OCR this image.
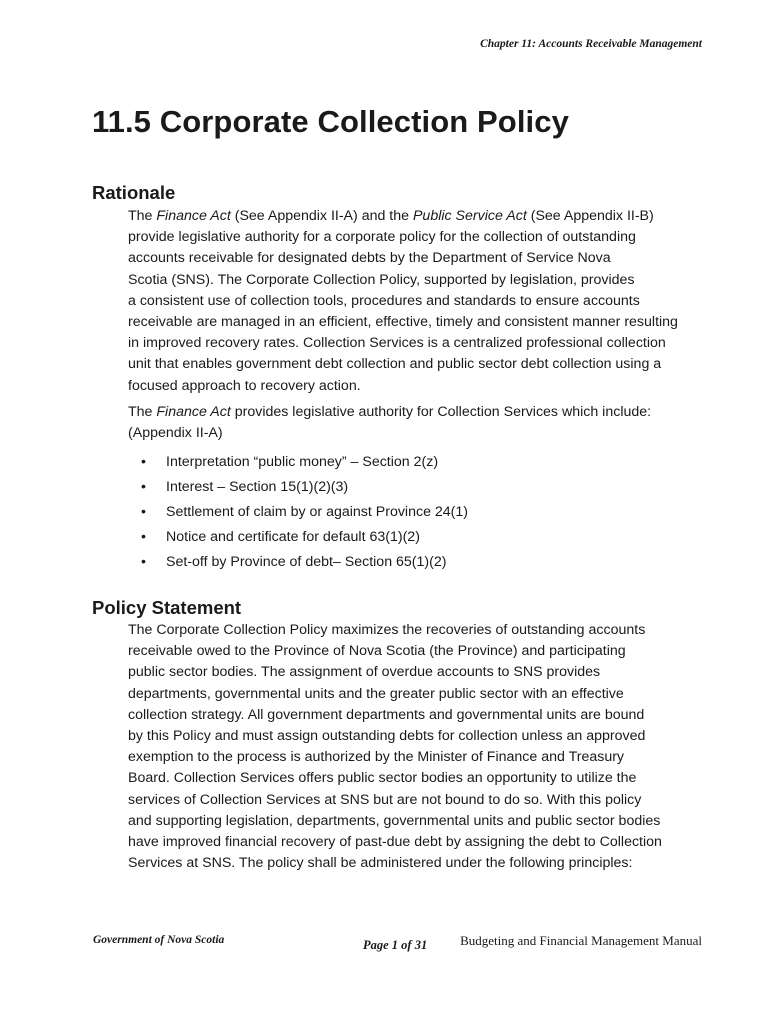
Chapter 11: Accounts Receivable Management
11.5 Corporate Collection Policy
Rationale

The Finance Act (See Appendix II-A) and the Public Service Act (See Appendix II-B)
provide legislative authority for a corporate policy for the collection of outstanding
accounts receivable for designated debts by the Department of Service Nova
Scotia (SNS). The Corporate Collection Policy, supported by legislation, provides
a consistent use of collection tools, procedures and standards to ensure accounts
receivable are managed in an efficient, effective, timely and consistent manner resulting
in improved recovery rates. Collection Services is a centralized professional collection
unit that enables government debt collection and public sector debt collection using a
focused approach to recovery action.

The Finance Act provides legislative authority for Collection Services which include:
(Appendix II-A)

• Interpretation “public money” – Section 2(z)
• Interest – Section 15(1)(2)(3)
• Settlement of claim by or against Province 24(1)
• Notice and certificate for default 63(1)(2)
• Set-off by Province of debt– Section 65(1)(2)
Policy Statement

The Corporate Collection Policy maximizes the recoveries of outstanding accounts
receivable owed to the Province of Nova Scotia (the Province) and participating
public sector bodies. The assignment of overdue accounts to SNS provides
departments, governmental units and the greater public sector with an effective
collection strategy. All government departments and governmental units are bound
by this Policy and must assign outstanding debts for collection unless an approved
exemption to the process is authorized by the Minister of Finance and Treasury
Board. Collection Services offers public sector bodies an opportunity to utilize the
services of Collection Services at SNS but are not bound to do so. With this policy
and supporting legislation, departments, governmental units and public sector bodies
have improved financial recovery of past-due debt by assigning the debt to Collection
Services at SNS. The policy shall be administered under the following principles:

Government of Nova Scotia	Page 1 of 31	Budgeting and Financial Management Manual
